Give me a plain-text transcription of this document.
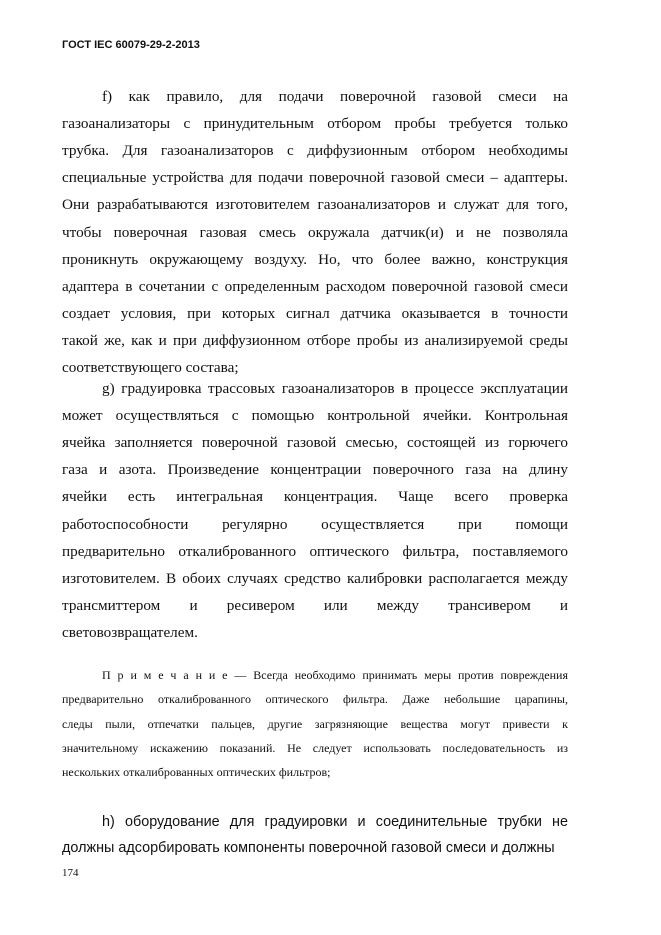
ГОСТ IEC 60079-29-2-2013
f) как правило, для подачи поверочной газовой смеси на
газоанализаторы с принудительным отбором пробы требуется только
трубка. Для газоанализаторов с диффузионным отбором необходимы
специальные устройства для подачи поверочной газовой смеси – адаптеры.
Они разрабатываются изготовителем газоанализаторов и служат для того,
чтобы поверочная газовая смесь окружала датчик(и) и не позволяла
проникнуть окружающему воздуху. Но, что более важно, конструкция
адаптера в сочетании с определенным расходом поверочной газовой смеси
создает условия, при которых сигнал датчика оказывается в точности
такой же, как и при диффузионном отборе пробы из анализируемой среды
соответствующего состава;
g) градуировка трассовых газоанализаторов в процессе эксплуатации
может осуществляться с помощью контрольной ячейки. Контрольная
ячейка заполняется поверочной газовой смесью, состоящей из горючего
газа и азота. Произведение концентрации поверочного газа на длину
ячейки есть интегральная концентрация. Чаще всего проверка
работоспособности регулярно осуществляется при помощи
предварительно откалиброванного оптического фильтра, поставляемого
изготовителем. В обоих случаях средство калибровки располагается между
трансмиттером и ресивером или между трансивером и
световозвращателем.
П р и м е ч а н и е — Всегда необходимо принимать меры против повреждения
предварительно откалиброванного оптического фильтра. Даже небольшие царапины,
следы пыли, отпечатки пальцев, другие загрязняющие вещества могут привести к
значительному искажению показаний. Не следует использовать последовательность из
нескольких откалиброванных оптических фильтров;
h) оборудование для градуировки и соединительные трубки не
должны адсорбировать компоненты поверочной газовой смеси и должны
174
